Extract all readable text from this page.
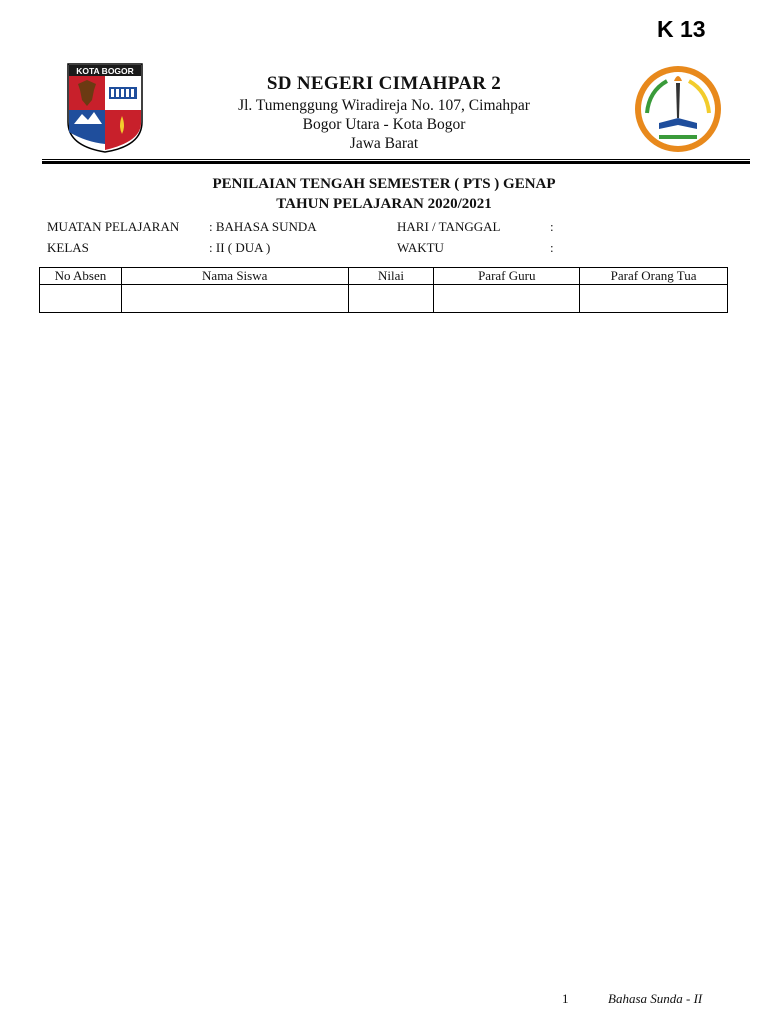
K 13
KOTA BOGOR
SD NEGERI CIMAHPAR 2
Jl. Tumenggung Wiradireja No. 107, Cimahpar
Bogor Utara - Kota Bogor
Jawa Barat
PENILAIAN TENGAH SEMESTER ( PTS ) GENAP
TAHUN PELAJARAN 2020/2021
MUATAN PELAJARAN : BAHASA SUNDA	HARI / TANGGAL	:
KELAS	: II ( DUA )	WAKTU	:
No Absen	Nama Siswa	Nilai	Paraf Guru	Paraf Orang Tua

1	Bahasa Sunda - II
